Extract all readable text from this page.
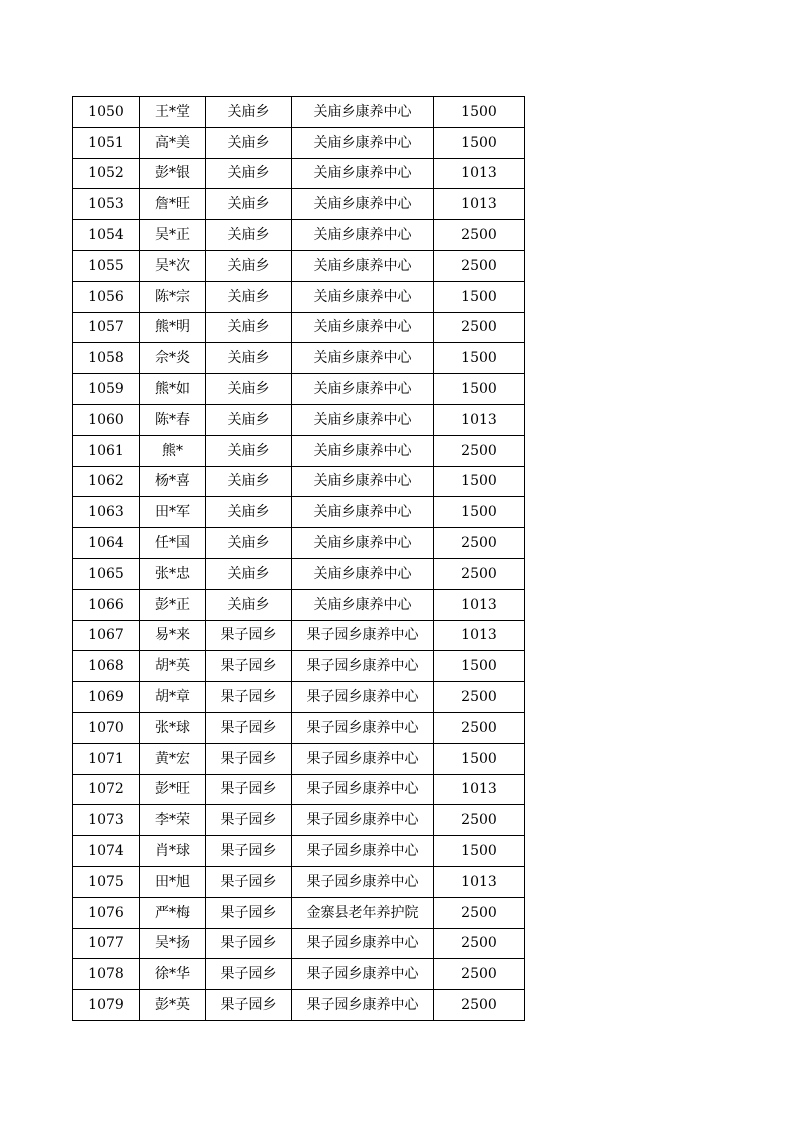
1050	王*堂	关庙乡	关庙乡康养中心	1500
1051	高*美	关庙乡	关庙乡康养中心	1500
1052	彭*银	关庙乡	关庙乡康养中心	1013
1053	詹*旺	关庙乡	关庙乡康养中心	1013
1054	吴*正	关庙乡	关庙乡康养中心	2500
1055	吴*次	关庙乡	关庙乡康养中心	2500
1056	陈*宗	关庙乡	关庙乡康养中心	1500
1057	熊*明	关庙乡	关庙乡康养中心	2500
1058	佘*炎	关庙乡	关庙乡康养中心	1500
1059	熊*如	关庙乡	关庙乡康养中心	1500
1060	陈*春	关庙乡	关庙乡康养中心	1013
1061	熊*	关庙乡	关庙乡康养中心	2500
1062	杨*喜	关庙乡	关庙乡康养中心	1500
1063	田*军	关庙乡	关庙乡康养中心	1500
1064	任*国	关庙乡	关庙乡康养中心	2500
1065	张*忠	关庙乡	关庙乡康养中心	2500
1066	彭*正	关庙乡	关庙乡康养中心	1013
1067	易*来	果子园乡	果子园乡康养中心	1013
1068	胡*英	果子园乡	果子园乡康养中心	1500
1069	胡*章	果子园乡	果子园乡康养中心	2500
1070	张*球	果子园乡	果子园乡康养中心	2500
1071	黄*宏	果子园乡	果子园乡康养中心	1500
1072	彭*旺	果子园乡	果子园乡康养中心	1013
1073	李*荣	果子园乡	果子园乡康养中心	2500
1074	肖*球	果子园乡	果子园乡康养中心	1500
1075	田*旭	果子园乡	果子园乡康养中心	1013
1076	严*梅	果子园乡	金寨县老年养护院	2500
1077	吴*扬	果子园乡	果子园乡康养中心	2500
1078	徐*华	果子园乡	果子园乡康养中心	2500
1079	彭*英	果子园乡	果子园乡康养中心	2500
